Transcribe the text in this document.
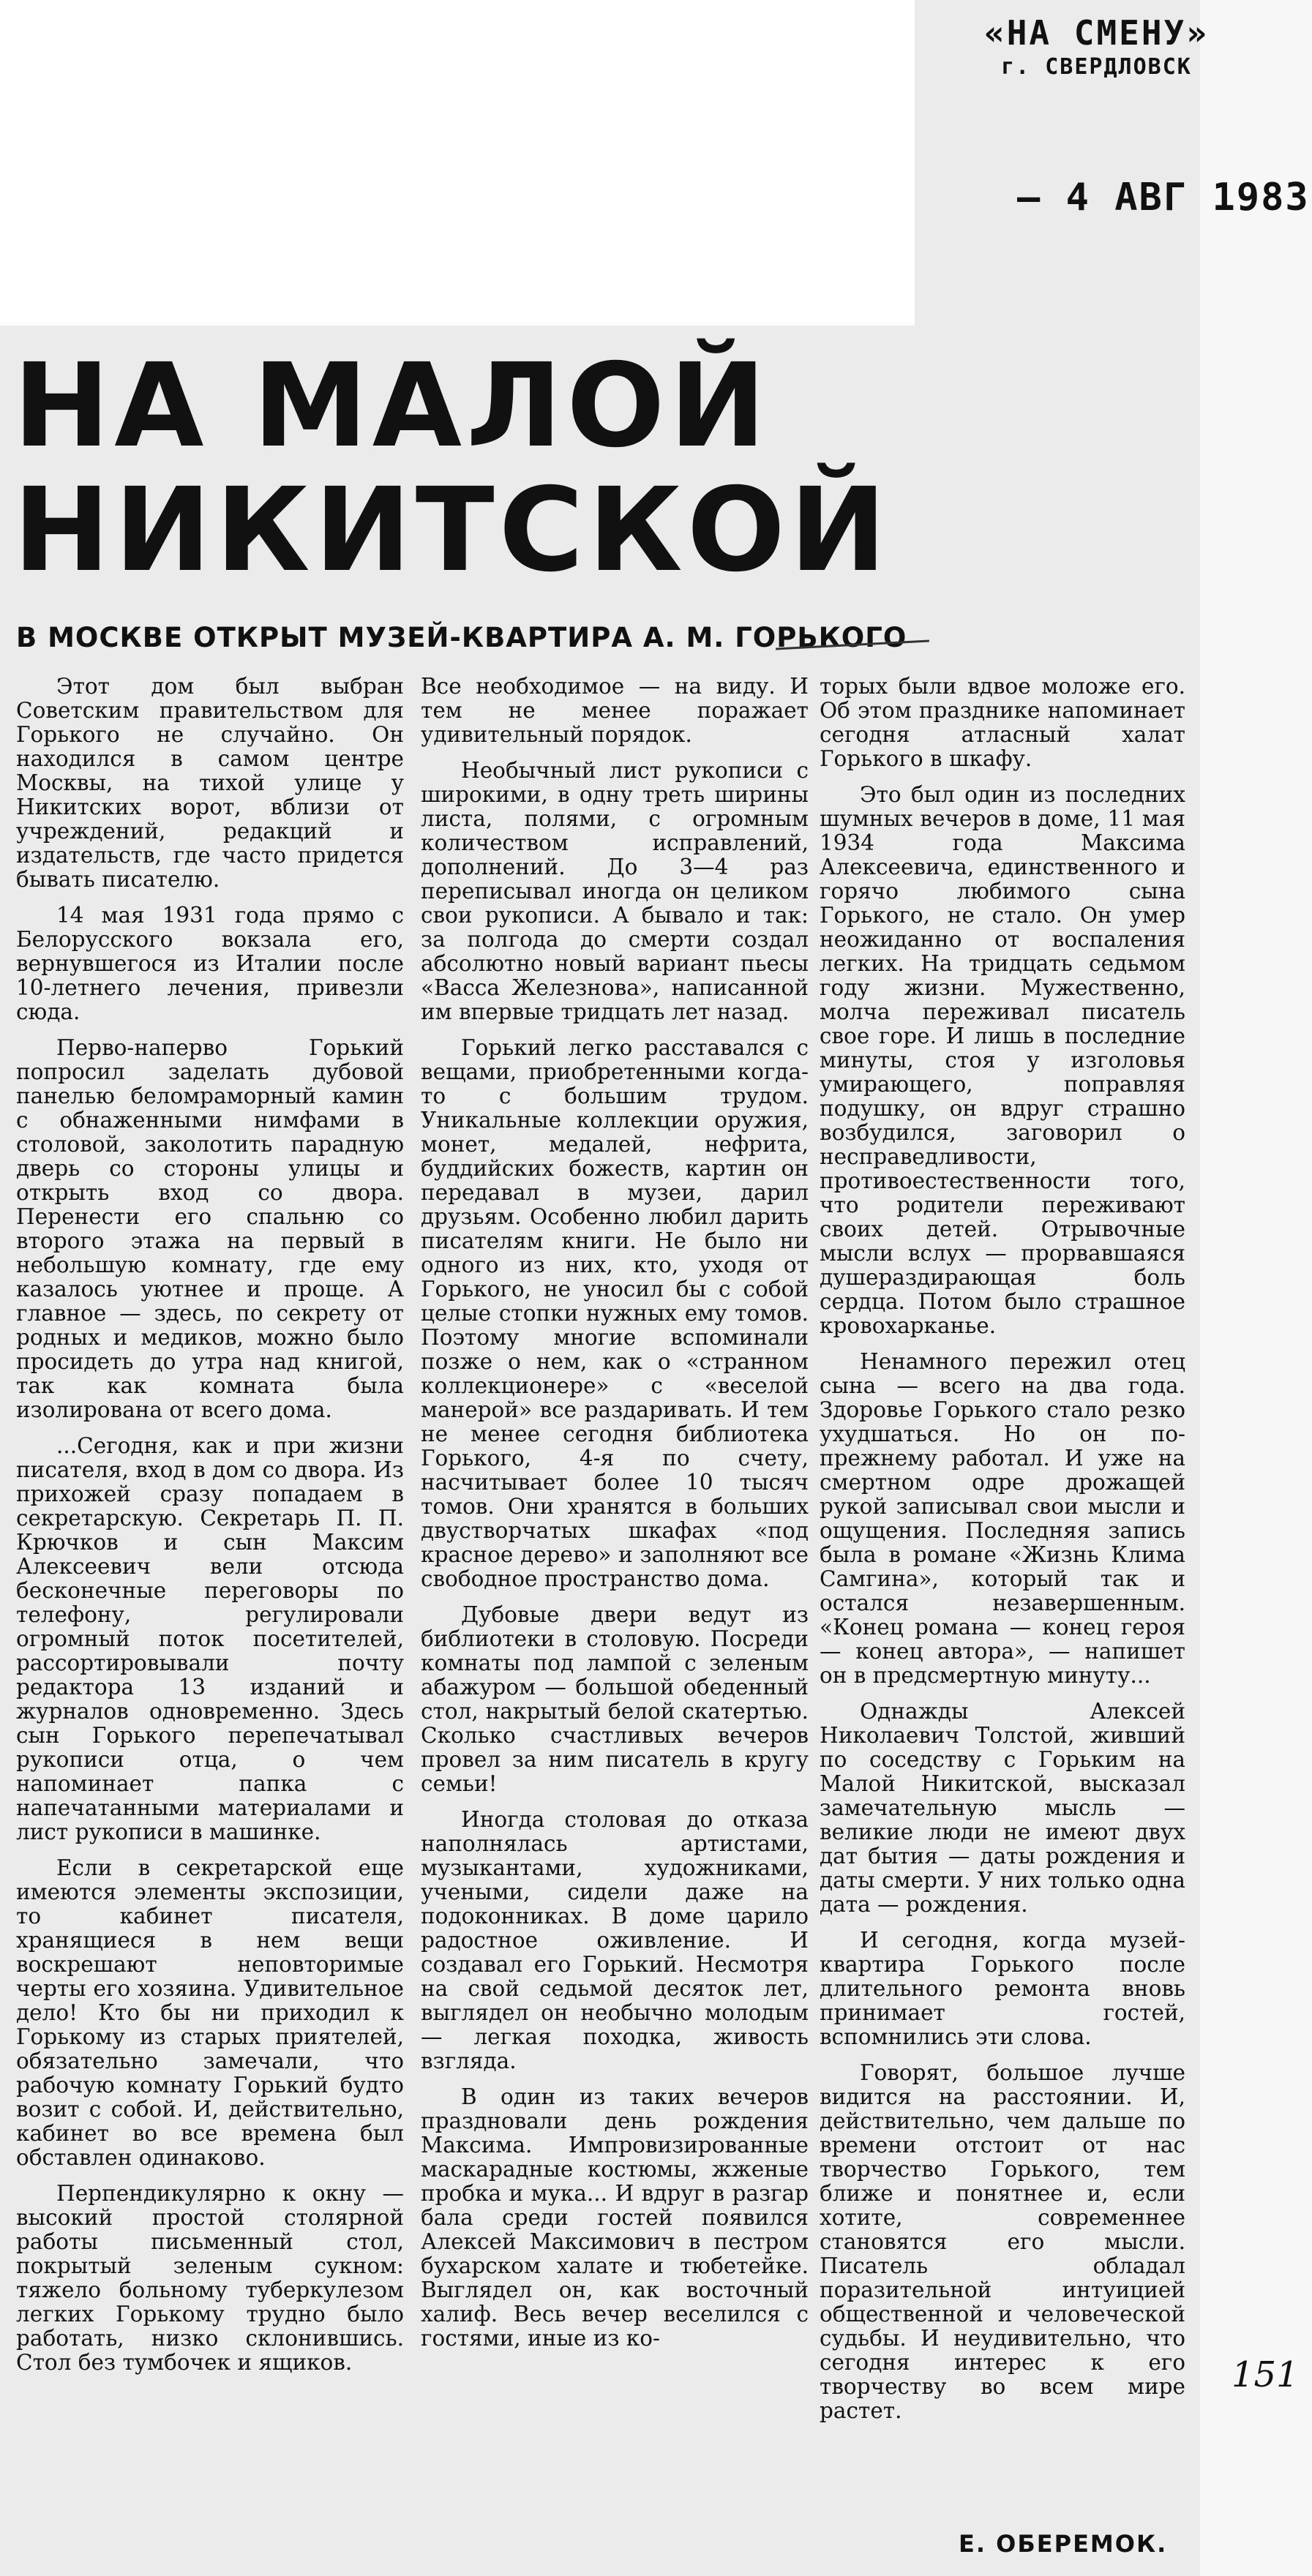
«НА СМЕНУ»
г. СВЕРДЛОВСК
— 4 АВГ 1983
НА МАЛОЙ
НИКИТСКОЙ
В МОСКВЕ ОТКРЫТ МУЗЕЙ-КВАРТИРА А. М. ГОРЬКОГО

Этот дом был выбран Советским правительством для Горького не случайно. Он находился в самом центре Москвы, на тихой улице у Никитских ворот, вблизи от учреждений, редакций и издательств, где часто придется бывать писателю.

14 мая 1931 года прямо с Белорусского вокзала его, вернувшегося из Италии после 10-летнего лечения, привезли сюда.

Перво-наперво Горький попросил заделать дубовой панелью беломраморный камин с обнаженными нимфами в столовой, заколотить парадную дверь со стороны улицы и открыть вход со двора. Перенести его спальню со второго этажа на первый в небольшую комнату, где ему казалось уютнее и проще. А главное — здесь, по секрету от родных и медиков, можно было просидеть до утра над книгой, так как комната была изолирована от всего дома.

...Сегодня, как и при жизни писателя, вход в дом со двора. Из прихожей сразу попадаем в секретарскую. Секретарь П. П. Крючков и сын Максим Алексеевич вели отсюда бесконечные переговоры по телефону, регулировали огромный поток посетителей, рассортировывали почту редактора 13 изданий и журналов одновременно. Здесь сын Горького перепечатывал рукописи отца, о чем напоминает папка с напечатанными материалами и лист рукописи в машинке.

Если в секретарской еще имеются элементы экспозиции, то кабинет писателя, хранящиеся в нем вещи воскрешают неповторимые черты его хозяина. Удивительное дело! Кто бы ни приходил к Горькому из старых приятелей, обязательно замечали, что рабочую комнату Горький будто возит с собой. И, действительно, кабинет во все времена был обставлен одинаково.

Перпендикулярно к окну — высокий простой столярной работы письменный стол, покрытый зеленым сукном: тяжело больному туберкулезом легких Горькому трудно было работать, низко склонившись. Стол без тумбочек и ящиков.

Все необходимое — на виду. И тем не менее поражает удивительный порядок.

Необычный лист рукописи с широкими, в одну треть ширины листа, полями, с огромным количеством исправлений, дополнений. До 3—4 раз переписывал иногда он целиком свои рукописи. А бывало и так: за полгода до смерти создал абсолютно новый вариант пьесы «Васса Железнова», написанной им впервые тридцать лет назад.

Горький легко расставался с вещами, приобретенными когда-то с большим трудом. Уникальные коллекции оружия, монет, медалей, нефрита, буддийских божеств, картин он передавал в музеи, дарил друзьям. Особенно любил дарить писателям книги. Не было ни одного из них, кто, уходя от Горького, не уносил бы с собой целые стопки нужных ему томов. Поэтому многие вспоминали позже о нем, как о «странном коллекционере» с «веселой манерой» все раздаривать. И тем не менее сегодня библиотека Горького, 4-я по счету, насчитывает более 10 тысяч томов. Они хранятся в больших двустворчатых шкафах «под красное дерево» и заполняют все свободное пространство дома.

Дубовые двери ведут из библиотеки в столовую. Посреди комнаты под лампой с зеленым абажуром — большой обеденный стол, накрытый белой скатертью. Сколько счастливых вечеров провел за ним писатель в кругу семьи!

Иногда столовая до отказа наполнялась артистами, музыкантами, художниками, учеными, сидели даже на подоконниках. В доме царило радостное оживление. И создавал его Горький. Несмотря на свой седьмой десяток лет, выглядел он необычно молодым — легкая походка, живость взгляда.

В один из таких вечеров праздновали день рождения Максима. Импровизированные маскарадные костюмы, жженые пробка и мука... И вдруг в разгар бала среди гостей появился Алексей Максимович в пестром бухарском халате и тюбетейке. Выглядел он, как восточный халиф. Весь вечер веселился с гостями, иные из ко-

торых были вдвое моложе его. Об этом празднике напоминает сегодня атласный халат Горького в шкафу.

Это был один из последних шумных вечеров в доме, 11 мая 1934 года Максима Алексеевича, единственного и горячо любимого сына Горького, не стало. Он умер неожиданно от воспаления легких. На тридцать седьмом году жизни. Мужественно, молча переживал писатель свое горе. И лишь в последние минуты, стоя у изголовья умирающего, поправляя подушку, он вдруг страшно возбудился, заговорил о несправедливости, противоестественности того, что родители переживают своих детей. Отрывочные мысли вслух — прорвавшаяся душераздирающая боль сердца. Потом было страшное кровохарканье.

Ненамного пережил отец сына — всего на два года. Здоровье Горького стало резко ухудшаться. Но он по-прежнему работал. И уже на смертном одре дрожащей рукой записывал свои мысли и ощущения. Последняя запись была в романе «Жизнь Клима Самгина», который так и остался незавершенным. «Конец романа — конец героя — конец автора», — напишет он в предсмертную минуту...

Однажды Алексей Николаевич Толстой, живший по соседству с Горьким на Малой Никитской, высказал замечательную мысль — великие люди не имеют двух дат бытия — даты рождения и даты смерти. У них только одна дата — рождения.

И сегодня, когда музей-квартира Горького после длительного ремонта вновь принимает гостей, вспомнились эти слова.

Говорят, большое лучше видится на расстоянии. И, действительно, чем дальше по времени отстоит от нас творчество Горького, тем ближе и понятнее и, если хотите, современнее становятся его мысли. Писатель обладал поразительной интуицией общественной и человеческой судьбы. И неудивительно, что сегодня интерес к его творчеству во всем мире растет.

Е. ОБЕРЕМОК.
151
